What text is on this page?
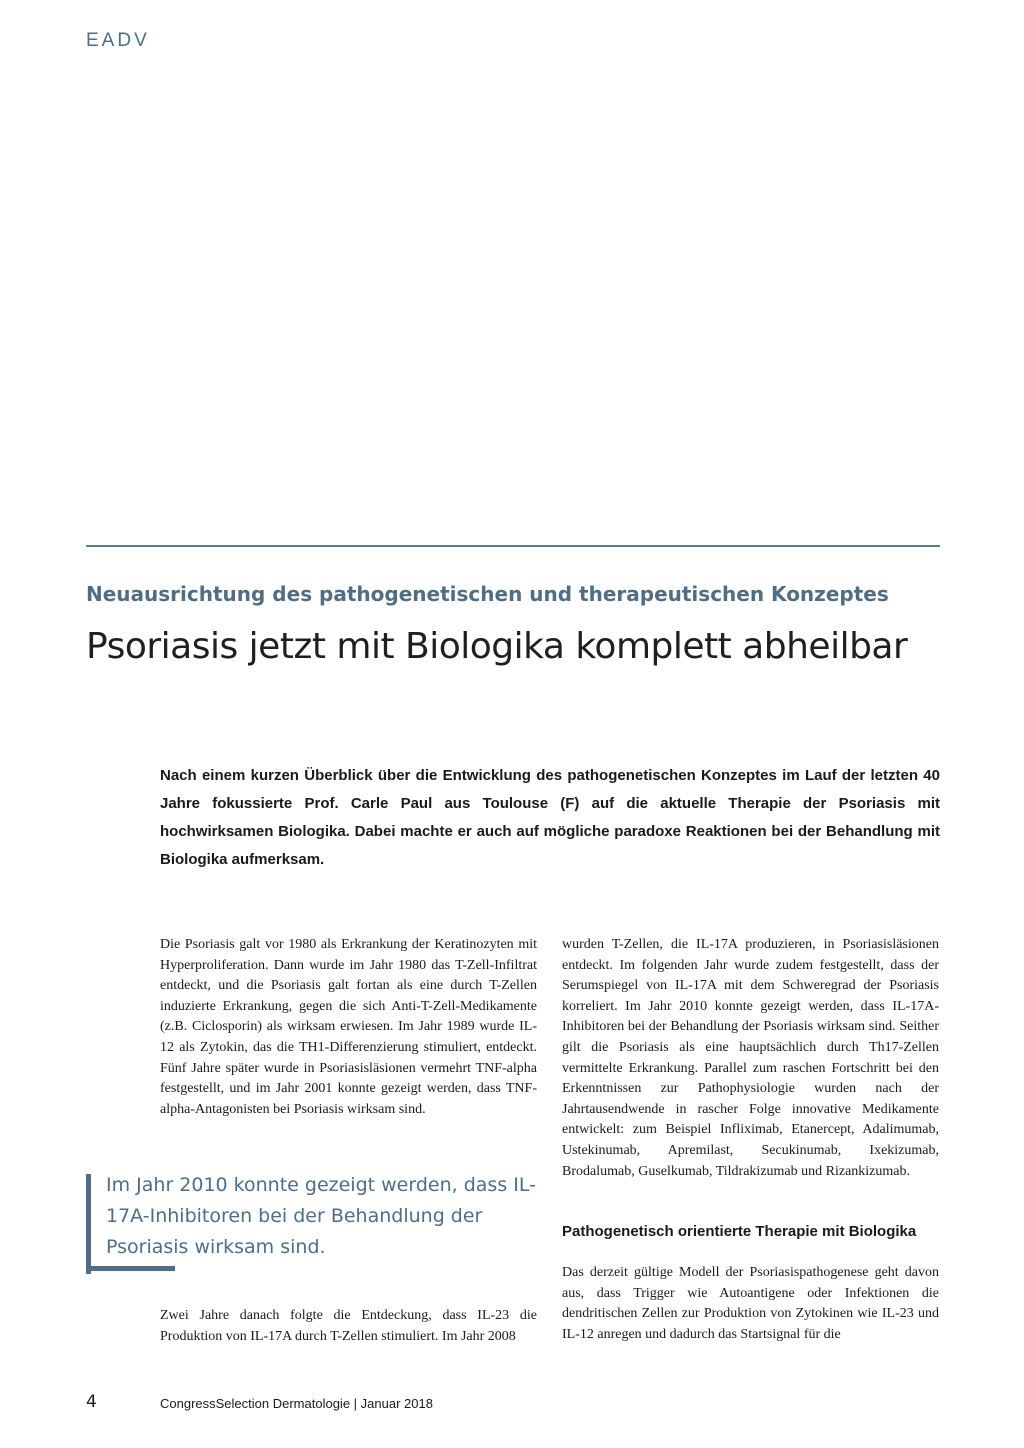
EADV
Neuausrichtung des pathogenetischen und therapeutischen Konzeptes
Psoriasis jetzt mit Biologika komplett abheilbar

Nach einem kurzen Überblick über die Entwicklung des pathogenetischen Konzeptes im Lauf der letzten 40 Jahre fokussierte Prof. Carle Paul aus Toulouse (F) auf die aktuelle Therapie der Psoriasis mit hochwirksamen Biologika. Dabei machte er auch auf mögliche paradoxe Reaktionen bei der Behandlung mit Biologika aufmerksam.

Die Psoriasis galt vor 1980 als Erkrankung der Keratinozyten mit Hyperproliferation. Dann wurde im Jahr 1980 das T-Zell-Infiltrat entdeckt, und die Psoriasis galt fortan als eine durch T-Zellen induzierte Erkrankung, gegen die sich Anti-T-Zell-Medikamente (z.B. Ciclosporin) als wirksam erwiesen. Im Jahr 1989 wurde IL-12 als Zytokin, das die TH1-Differenzierung stimuliert, entdeckt. Fünf Jahre später wurde in Psoriasisläsionen vermehrt TNF-alpha festgestellt, und im Jahr 2001 konnte gezeigt werden, dass TNF-alpha-Antagonisten bei Psoriasis wirksam sind.

Im Jahr 2010 konnte gezeigt werden, dass IL-17A-Inhibitoren bei der Behandlung der Psoriasis wirksam sind.

Zwei Jahre danach folgte die Entdeckung, dass IL-23 die Produktion von IL-17A durch T-Zellen stimuliert. Im Jahr 2008

wurden T-Zellen, die IL-17A produzieren, in Psoriasisläsionen entdeckt. Im folgenden Jahr wurde zudem festgestellt, dass der Serumspiegel von IL-17A mit dem Schweregrad der Psoriasis korreliert. Im Jahr 2010 konnte gezeigt werden, dass IL-17A-Inhibitoren bei der Behandlung der Psoriasis wirksam sind. Seither gilt die Psoriasis als eine hauptsächlich durch Th17-Zellen vermittelte Erkrankung. Parallel zum raschen Fortschritt bei den Erkenntnissen zur Pathophysiologie wurden nach der Jahrtausendwende in rascher Folge innovative Medikamente entwickelt: zum Beispiel Infliximab, Etanercept, Adalimumab, Ustekinumab, Apremilast, Secukinumab, Ixekizumab, Brodalumab, Guselkumab, Tildrakizumab und Rizankizumab.

Pathogenetisch orientierte Therapie mit Biologika

Das derzeit gültige Modell der Psoriasispathogenese geht davon aus, dass Trigger wie Autoantigene oder Infektionen die dendritischen Zellen zur Produktion von Zytokinen wie IL-23 und IL-12 anregen und dadurch das Startsignal für die

4	CongressSelection Dermatologie | Januar 2018
